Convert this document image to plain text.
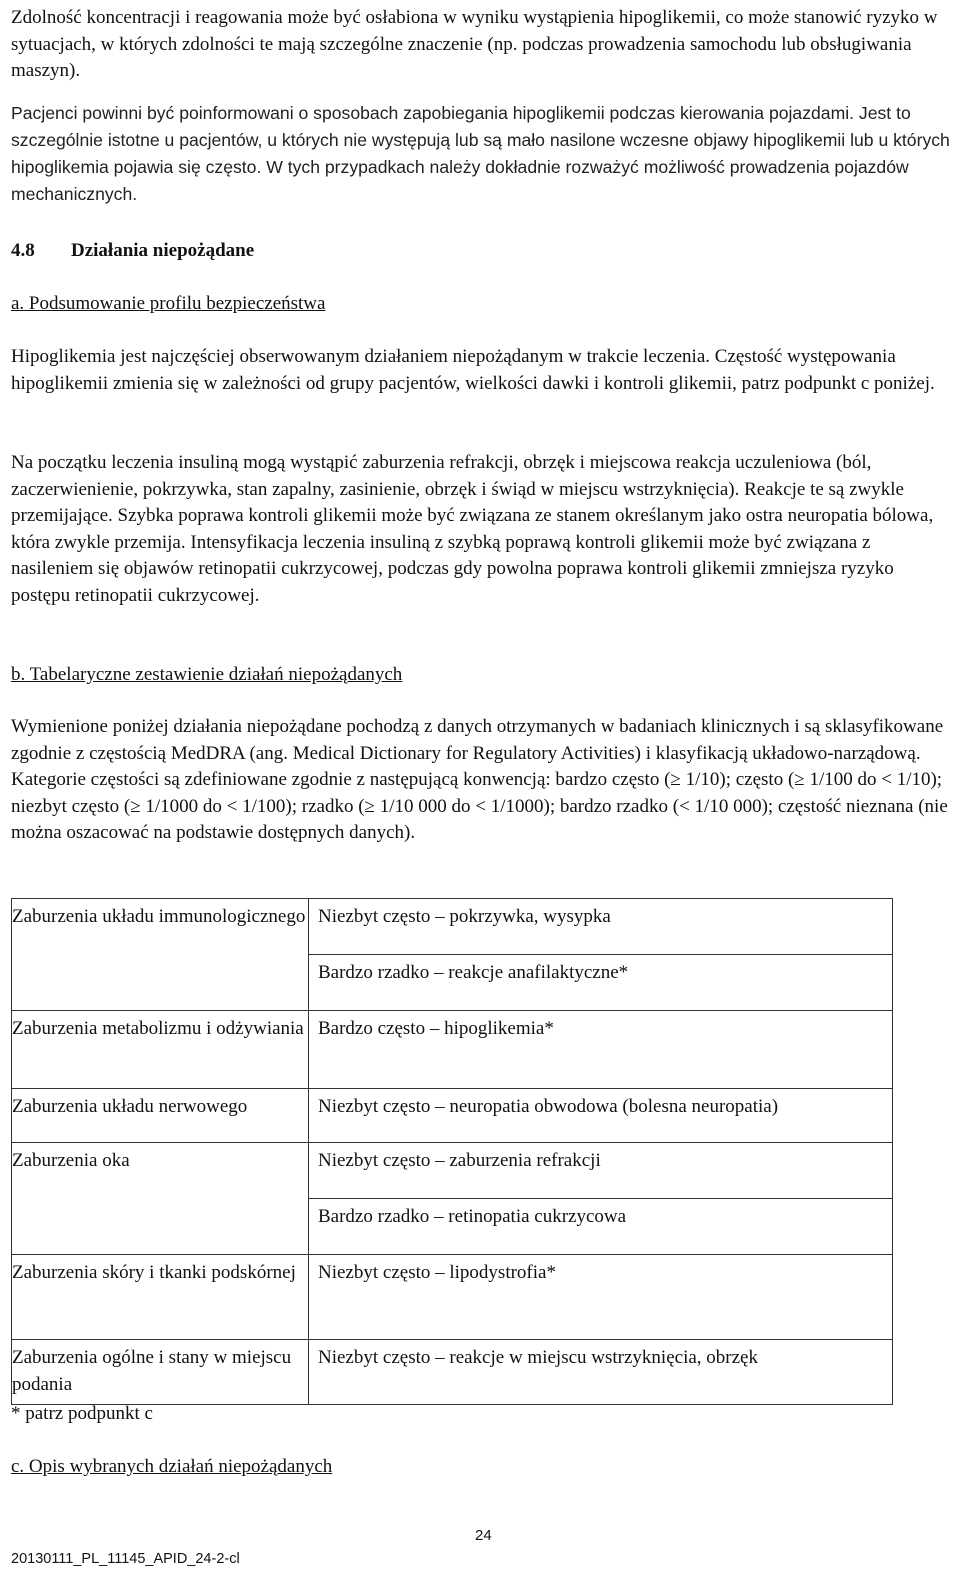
Zdolność koncentracji i reagowania może być osłabiona w wyniku wystąpienia hipoglikemii, co może stanowić ryzyko w sytuacjach, w których zdolności te mają szczególne znaczenie (np. podczas prowadzenia samochodu lub obsługiwania maszyn).

Pacjenci powinni być poinformowani o sposobach zapobiegania hipoglikemii podczas kierowania pojazdami. Jest to szczególnie istotne u pacjentów, u których nie występują lub są mało nasilone wczesne objawy hipoglikemii lub u których hipoglikemia pojawia się często. W tych przypadkach należy dokładnie rozważyć możliwość prowadzenia pojazdów mechanicznych.

4.8 Działania niepożądane
a. Podsumowanie profilu bezpieczeństwa

Hipoglikemia jest najczęściej obserwowanym działaniem niepożądanym w trakcie leczenia. Częstość występowania hipoglikemii zmienia się w zależności od grupy pacjentów, wielkości dawki i kontroli glikemii, patrz podpunkt c poniżej.

Na początku leczenia insuliną mogą wystąpić zaburzenia refrakcji, obrzęk i miejscowa reakcja uczuleniowa (ból, zaczerwienienie, pokrzywka, stan zapalny, zasinienie, obrzęk i świąd w miejscu wstrzyknięcia). Reakcje te są zwykle przemijające. Szybka poprawa kontroli glikemii może być związana ze stanem określanym jako ostra neuropatia bólowa, która zwykle przemija. Intensyfikacja leczenia insuliną z szybką poprawą kontroli glikemii może być związana z nasileniem się objawów retinopatii cukrzycowej, podczas gdy powolna poprawa kontroli glikemii zmniejsza ryzyko postępu retinopatii cukrzycowej.

b. Tabelaryczne zestawienie działań niepożądanych

Wymienione poniżej działania niepożądane pochodzą z danych otrzymanych w badaniach klinicznych i są sklasyfikowane zgodnie z częstością MedDRA (ang. Medical Dictionary for Regulatory Activities) i klasyfikacją układowo-narządową. Kategorie częstości są zdefiniowane zgodnie z następującą konwencją: bardzo często (≥ 1/10); często (≥ 1/100 do < 1/10); niezbyt często (≥ 1/1000 do < 1/100); rzadko (≥ 1/10 000 do < 1/1000); bardzo rzadko (< 1/10 000); częstość nieznana (nie można oszacować na podstawie dostępnych danych).

Zaburzenia układu immunologicznego	Niezbyt często – pokrzywka, wysypka
	Bardzo rzadko – reakcje anafilaktyczne*
Zaburzenia metabolizmu i odżywiania	Bardzo często – hipoglikemia*
Zaburzenia układu nerwowego	Niezbyt często – neuropatia obwodowa (bolesna neuropatia)
Zaburzenia oka	Niezbyt często – zaburzenia refrakcji
	Bardzo rzadko – retinopatia cukrzycowa
Zaburzenia skóry i tkanki podskórnej	Niezbyt często – lipodystrofia*
Zaburzenia ogólne i stany w miejscu podania	Niezbyt często – reakcje w miejscu wstrzyknięcia, obrzęk
* patrz podpunkt c
c. Opis wybranych działań niepożądanych
24
20130111_PL_11145_APID_24-2-cl
